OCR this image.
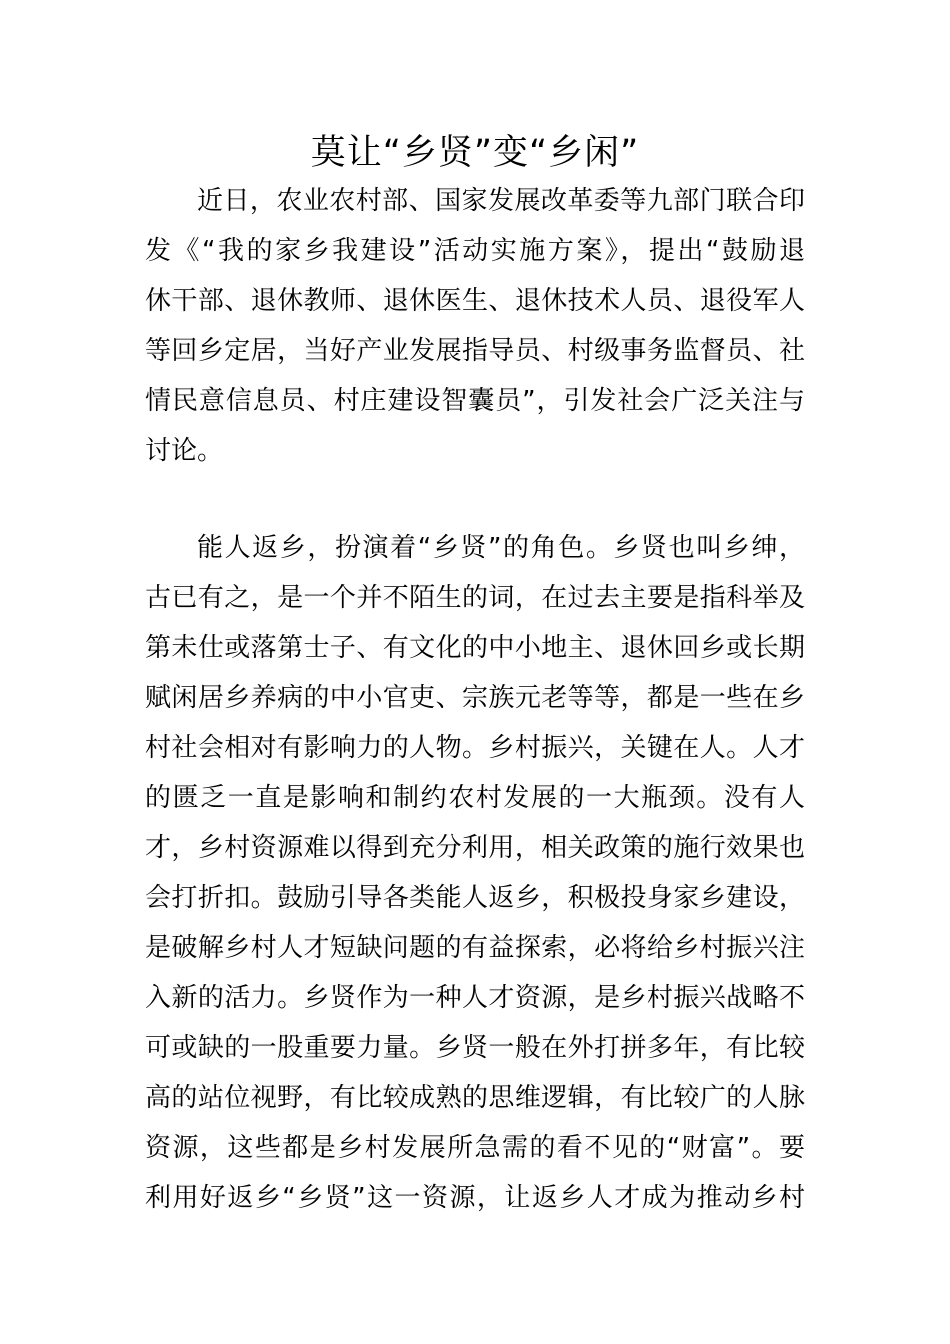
莫让“乡贤”变“乡闲”
近日，农业农村部、国家发展改革委等九部门联合印
发《“我的家乡我建设”活动实施方案》，提出“鼓励退
休干部、退休教师、退休医生、退休技术人员、退役军人
等回乡定居，当好产业发展指导员、村级事务监督员、社
情民意信息员、村庄建设智囊员”，引发社会广泛关注与
讨论。
能人返乡，扮演着“乡贤”的角色。乡贤也叫乡绅，
古已有之，是一个并不陌生的词，在过去主要是指科举及
第未仕或落第士子、有文化的中小地主、退休回乡或长期
赋闲居乡养病的中小官吏、宗族元老等等，都是一些在乡
村社会相对有影响力的人物。乡村振兴，关键在人。人才
的匮乏一直是影响和制约农村发展的一大瓶颈。没有人
才，乡村资源难以得到充分利用，相关政策的施行效果也
会打折扣。鼓励引导各类能人返乡，积极投身家乡建设，
是破解乡村人才短缺问题的有益探索，必将给乡村振兴注
入新的活力。乡贤作为一种人才资源，是乡村振兴战略不
可或缺的一股重要力量。乡贤一般在外打拼多年，有比较
高的站位视野，有比较成熟的思维逻辑，有比较广的人脉
资源，这些都是乡村发展所急需的看不见的“财富”。要
利用好返乡“乡贤”这一资源，让返乡人才成为推动乡村
